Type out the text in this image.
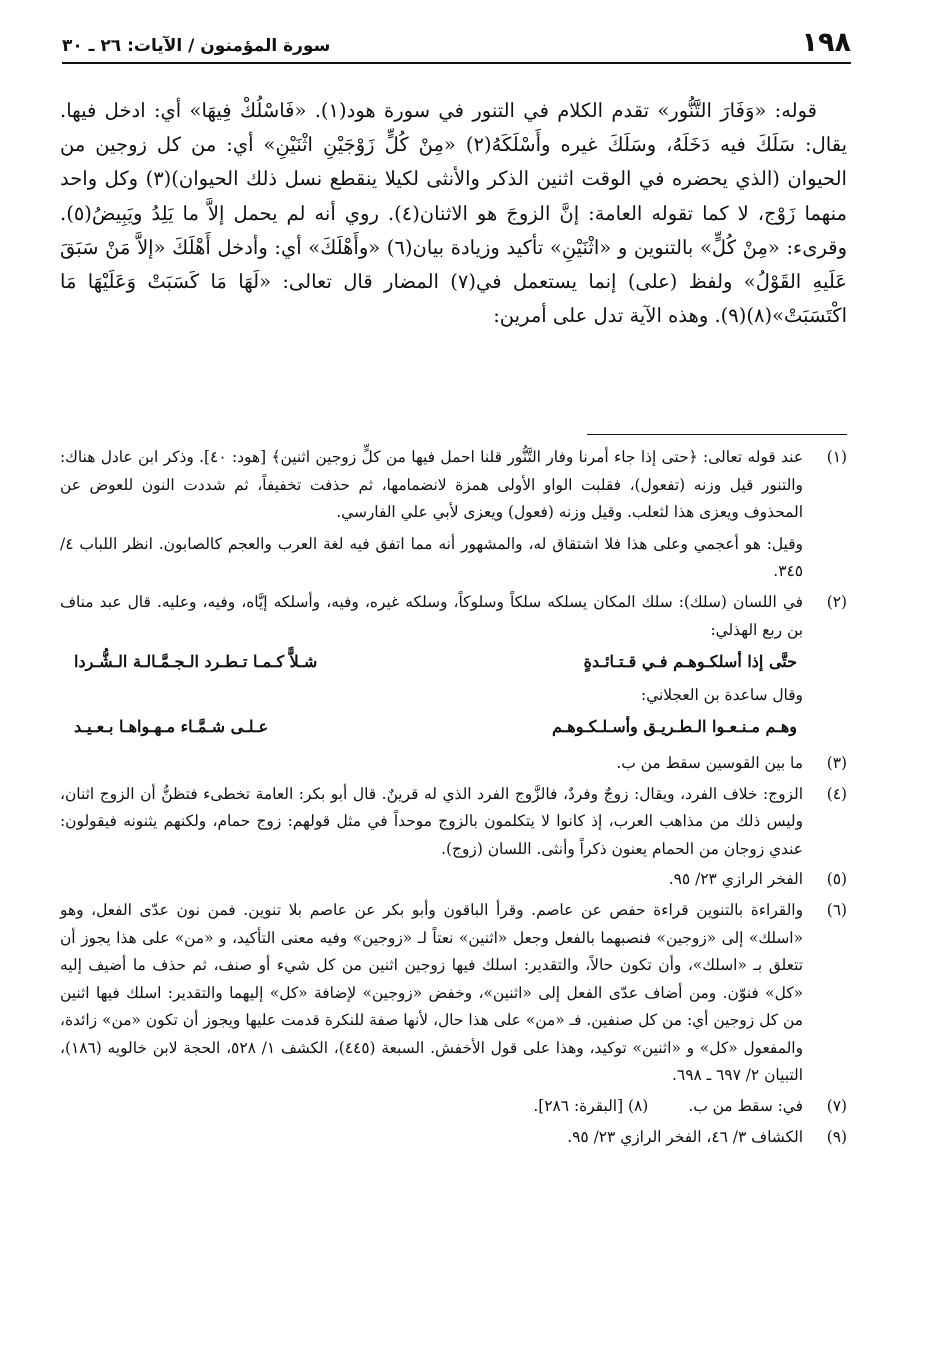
١٩٨
سورة المؤمنون / الآيات: ٢٦ ـ ٣٠

قوله: «وَفَارَ التَّنُّور» تقدم الكلام في التنور في سورة هود(١). «فَاسْلُكْ فِيهَا» أي: ادخل فيها. يقال: سَلَكَ فيه دَخَلَهُ، وسَلَكَ غيره وأَسْلَكَهُ(٢) «مِنْ كُلٍّ زَوْجَيْنِ اثْنَيْنِ» أي: من كل زوجين من الحيوان (الذي يحضره في الوقت اثنين الذكر والأنثى لكيلا ينقطع نسل ذلك الحيوان)(٣) وكل واحد منهما زَوْج، لا كما تقوله العامة: إنَّ الزوجَ هو الاثنان(٤). روي أنه لم يحمل إلاَّ ما يَلِدُ ويَبِيضُ(٥). وقرىء: «مِنْ كُلٍّ» بالتنوين و «اثْنَيْنِ» تأكيد وزيادة بيان(٦) «وأَهْلَكَ» أي: وأدخل أَهْلَكَ «إلاَّ مَنْ سَبَقَ عَلَيهِ القَوْلُ» ولفظ (على) إنما يستعمل في(٧) المضار قال تعالى: «لَهَا مَا كَسَبَتْ وَعَلَيْهَا مَا اكْتَسَبَتْ»(٨)(٩). وهذه الآية تدل على أمرين:

(١)

عند قوله تعالى: ﴿حتى إذا جاء أمرنا وفار التَّنُّور قلنا احمل فيها من كلٍّ زوجين اثنين﴾ [هود: ٤٠]. وذكر ابن عادل هناك: والتنور قيل وزنه (تفعول)، فقلبت الواو الأولى همزة لانضمامها، ثم حذفت تخفيفاً، ثم شددت النون للعوض عن المحذوف ويعزى هذا لثعلب. وقيل وزنه (فعول) ويعزى لأبي علي الفارسي.

وقيل: هو أعجمي وعلى هذا فلا اشتقاق له، والمشهور أنه مما اتفق فيه لغة العرب والعجم كالصابون. انظر اللباب ٤/ ٣٤٥.

(٢)

في اللسان (سلك): سلك المكان يسلكه سلكاً وسلوكاً، وسلكه غيره، وفيه، وأسلكه إيَّاه، وفيه، وعليه. قال عبد مناف بن ربع الهذلي:

حتَّى إذا أسلكـوهـم فـي قـتـائـدةٍ
شـلاًّ كـمـا تـطـرد الـجـمَّـالـة الـشُّـردا

وقال ساعدة بن العجلاني:

وهـم مـنـعـوا الـطـريـق وأسـلـكـوهـم
عـلـى شـمَّـاء مـهـواهـا بـعـيـد
(٣)
ما بين القوسين سقط من ب.
(٤)
الزوج: خلاف الفرد، ويقال: زوجٌ وفردٌ، فالزَّوج الفرد الذي له قرينٌ. قال أبو بكر: العامة تخطىء فتظنُّ أن الزوج اثنان، وليس ذلك من مذاهب العرب، إذ كانوا لا يتكلمون بالزوج موحداً في مثل قولهم: زوج حمام، ولكنهم يثنونه فيقولون: عندي زوجان من الحمام يعنون ذكراً وأنثى. اللسان (زوج).
(٥)
الفخر الرازي ٢٣/ ٩٥.
(٦)
والقراءة بالتنوين قراءة حفص عن عاصم. وقرأ الباقون وأبو بكر عن عاصم بلا تنوين. فمن نون عدّى الفعل، وهو «اسلك» إلى «زوجين» فنصبهما بالفعل وجعل «اثنين» نعتاً لـ «زوجين» وفيه معنى التأكيد، و «من» على هذا يجوز أن تتعلق بـ «اسلك»، وأن تكون حالاً، والتقدير: اسلك فيها زوجين اثنين من كل شيء أو صنف، ثم حذف ما أضيف إليه «كل» فنوّن. ومن أضاف عدّى الفعل إلى «اثنين»، وخفض «زوجين» لإضافة «كل» إليهما والتقدير: اسلك فيها اثنين من كل زوجين أي: من كل صنفين. فـ «من» على هذا حال، لأنها صفة للنكرة قدمت عليها ويجوز أن تكون «من» زائدة، والمفعول «كل» و «اثنين» توكيد، وهذا على قول الأخفش. السبعة (٤٤٥)، الكشف ١/ ٥٢٨، الحجة لابن خالويه (١٨٦)، التبيان ٢/ ٦٩٧ ـ ٦٩٨.
(٧)
في: سقط من ب.
(٨) [البقرة: ٢٨٦].
(٩)
الكشاف ٣/ ٤٦، الفخر الرازي ٢٣/ ٩٥.
